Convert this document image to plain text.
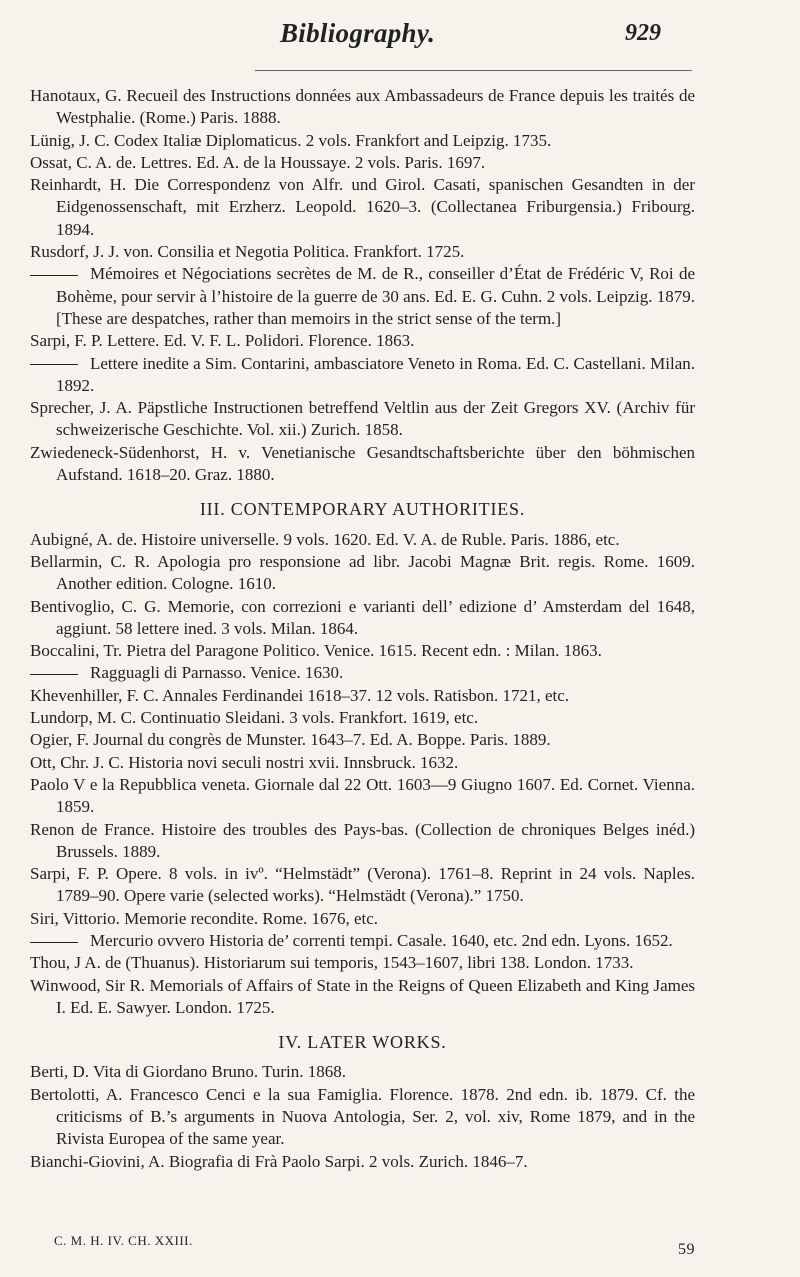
Bibliography.	929

Hanotaux, G. Recueil des Instructions données aux Ambassadeurs de France depuis les traités de Westphalie. (Rome.) Paris. 1888.

Lünig, J. C. Codex Italiæ Diplomaticus. 2 vols. Frankfort and Leipzig. 1735.

Ossat, C. A. de. Lettres. Ed. A. de la Houssaye. 2 vols. Paris. 1697.

Reinhardt, H. Die Correspondenz von Alfr. und Girol. Casati, spanischen Gesandten in der Eidgenossenschaft, mit Erzherz. Leopold. 1620–3. (Collectanea Friburgensia.) Fribourg. 1894.

Rusdorf, J. J. von. Consilia et Negotia Politica. Frankfort. 1725.

Mémoires et Négociations secrètes de M. de R., conseiller d’État de Frédéric V, Roi de Bohème, pour servir à l’histoire de la guerre de 30 ans. Ed. E. G. Cuhn. 2 vols. Leipzig. 1879. [These are despatches, rather than memoirs in the strict sense of the term.]

Sarpi, F. P. Lettere. Ed. V. F. L. Polidori. Florence. 1863.

Lettere inedite a Sim. Contarini, ambasciatore Veneto in Roma. Ed. C. Castellani. Milan. 1892.

Sprecher, J. A. Päpstliche Instructionen betreffend Veltlin aus der Zeit Gregors XV. (Archiv für schweizerische Geschichte. Vol. xii.) Zurich. 1858.

Zwiedeneck-Südenhorst, H. v. Venetianische Gesandtschaftsberichte über den böhmischen Aufstand. 1618–20. Graz. 1880.

III. CONTEMPORARY AUTHORITIES.

Aubigné, A. de. Histoire universelle. 9 vols. 1620. Ed. V. A. de Ruble. Paris. 1886, etc.

Bellarmin, C. R. Apologia pro responsione ad libr. Jacobi Magnæ Brit. regis. Rome. 1609. Another edition. Cologne. 1610.

Bentivoglio, C. G. Memorie, con correzioni e varianti dell’ edizione d’ Amsterdam del 1648, aggiunt. 58 lettere ined. 3 vols. Milan. 1864.

Boccalini, Tr. Pietra del Paragone Politico. Venice. 1615. Recent edn. : Milan. 1863.

Ragguagli di Parnasso. Venice. 1630.

Khevenhiller, F. C. Annales Ferdinandei 1618–37. 12 vols. Ratisbon. 1721, etc.

Lundorp, M. C. Continuatio Sleidani. 3 vols. Frankfort. 1619, etc.

Ogier, F. Journal du congrès de Munster. 1643–7. Ed. A. Boppe. Paris. 1889.

Ott, Chr. J. C. Historia novi seculi nostri xvii. Innsbruck. 1632.

Paolo V e la Repubblica veneta. Giornale dal 22 Ott. 1603—9 Giugno 1607. Ed. Cornet. Vienna. 1859.

Renon de France. Histoire des troubles des Pays-bas. (Collection de chroniques Belges inéd.) Brussels. 1889.

Sarpi, F. P. Opere. 8 vols. in ivº. “Helmstädt” (Verona). 1761–8. Reprint in 24 vols. Naples. 1789–90. Opere varie (selected works). “Helmstädt (Verona).” 1750.

Siri, Vittorio. Memorie recondite. Rome. 1676, etc.

Mercurio ovvero Historia de’ correnti tempi. Casale. 1640, etc. 2nd edn. Lyons. 1652.

Thou, J A. de (Thuanus). Historiarum sui temporis, 1543–1607, libri 138. London. 1733.

Winwood, Sir R. Memorials of Affairs of State in the Reigns of Queen Elizabeth and King James I. Ed. E. Sawyer. London. 1725.

IV. LATER WORKS.

Berti, D. Vita di Giordano Bruno. Turin. 1868.

Bertolotti, A. Francesco Cenci e la sua Famiglia. Florence. 1878. 2nd edn. ib. 1879. Cf. the criticisms of B.’s arguments in Nuova Antologia, Ser. 2, vol. xiv, Rome 1879, and in the Rivista Europea of the same year.

Bianchi-Giovini, A. Biografia di Frà Paolo Sarpi. 2 vols. Zurich. 1846–7.

C. M. H. IV. CH. XXIII.
59
